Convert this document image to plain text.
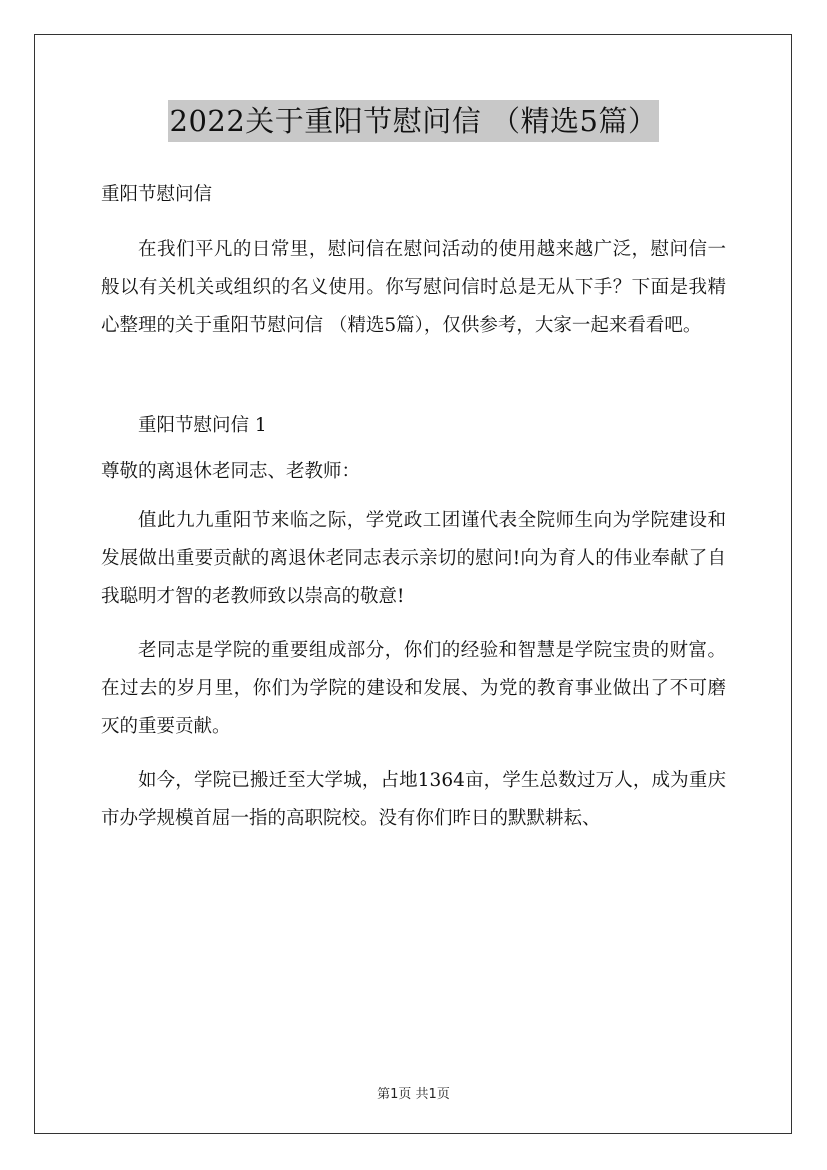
2022关于重阳节慰问信 （精选5篇）

重阳节慰问信

在我们平凡的日常里，慰问信在慰问活动的使用越来越广泛，慰问信一般以有关机关或组织的名义使用。你写慰问信时总是无从下手？下面是我精心整理的关于重阳节慰问信 （精选5篇），仅供参考，大家一起来看看吧。

重阳节慰问信 1

尊敬的离退休老同志、老教师：

值此九九重阳节来临之际，学党政工团谨代表全院师生向为学院建设和发展做出重要贡献的离退休老同志表示亲切的慰问!向为育人的伟业奉献了自我聪明才智的老教师致以崇高的敬意!

老同志是学院的重要组成部分，你们的经验和智慧是学院宝贵的财富。在过去的岁月里，你们为学院的建设和发展、为党的教育事业做出了不可磨灭的重要贡献。

如今，学院已搬迁至大学城，占地1364亩，学生总数过万人，成为重庆市办学规模首屈一指的高职院校。没有你们昨日的默默耕耘、

第1页 共1页
